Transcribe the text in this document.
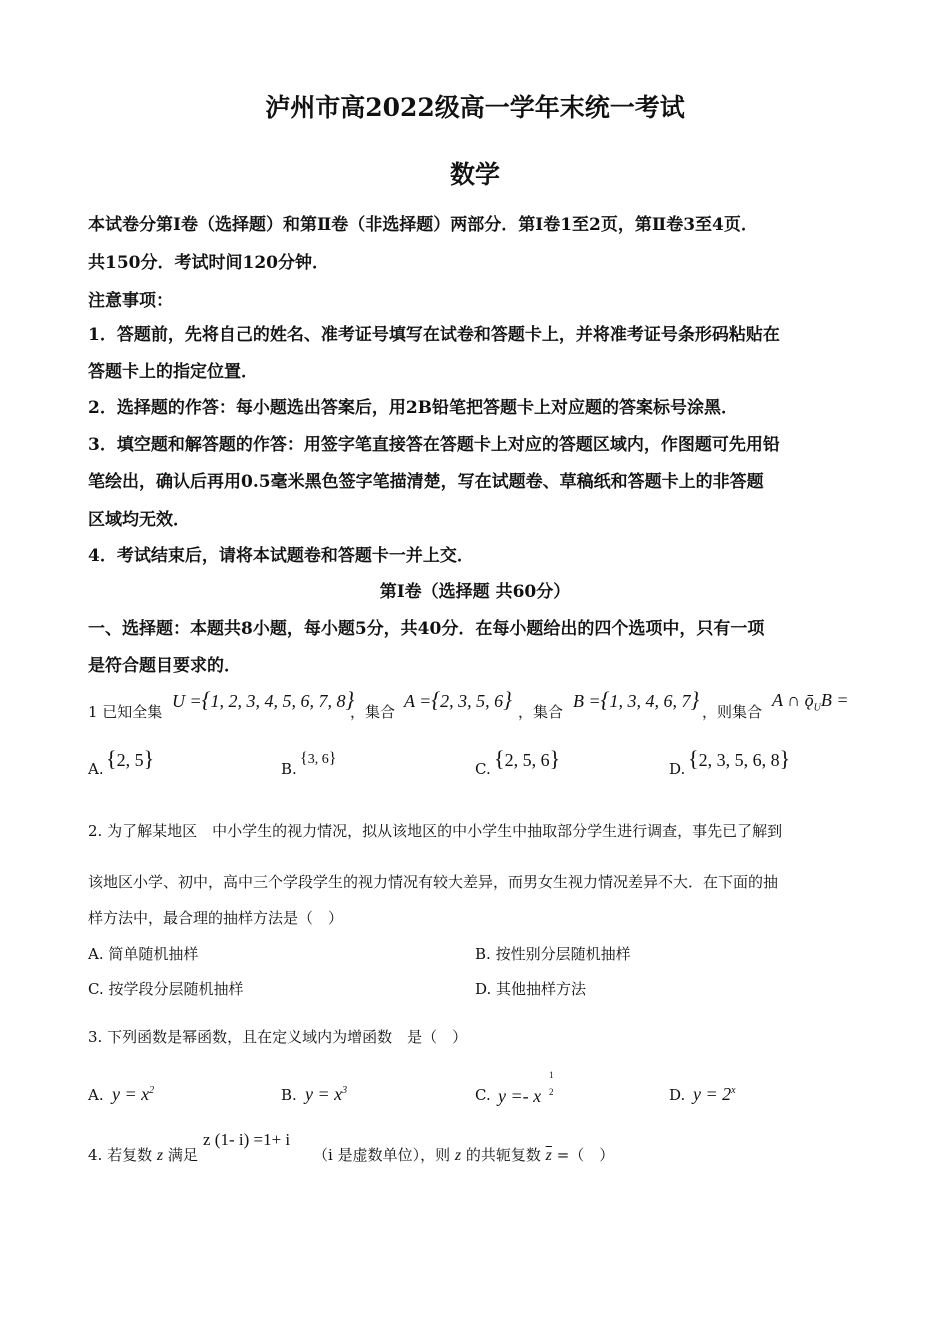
泸州市高2022级高一学年末统一考试
数学
本试卷分第Ⅰ卷（选择题）和第Ⅱ卷（非选择题）两部分．第Ⅰ卷1至2页，第Ⅱ卷3至4页．
共150分．考试时间120分钟．
注意事项：
1．答题前，先将自己的姓名、准考证号填写在试卷和答题卡上，并将准考证号条形码粘贴在
答题卡上的指定位置．
2．选择题的作答：每小题选出答案后，用2B铅笔把答题卡上对应题的答案标号涂黑．
3．填空题和解答题的作答：用签字笔直接答在答题卡上对应的答题区域内，作图题可先用铅
笔绘出，确认后再用0.5毫米黑色签字笔描清楚，写在试题卷、草稿纸和答题卡上的非答题
区域均无效．
4．考试结束后，请将本试题卷和答题卡一并上交．
第Ⅰ卷（选择题 共60分）
一、选择题：本题共8小题，每小题5分，共40分．在每小题给出的四个选项中，只有一项
是符合题目要求的．
1 已知全集
U ={1, 2, 3, 4, 5, 6, 7, 8}
，集合
A ={2, 3, 5, 6} ，集合
B ={1, 3, 4, 6, 7} ，则集合
A ∩ $ǭ_UB$ =
A. {2, 5}	B.
{3, 6}
C. {2, 5, 6}	D. {2, 3, 5, 6, 8}
2. 为了解某地区　中小学生的视力情况，拟从该地区的中小学生中抽取部分学生进行调查，事先已了解到
该地区小学、初中，高中三个学段学生的视力情况有较大差异，而男女生视力情况差异不大．在下面的抽
样方法中，最合理的抽样方法是（　）
A. 简单随机抽样	B. 按性别分层随机抽样
C. 按学段分层随机抽样	D. 其他抽样方法
3. 下列函数是幂函数，且在定义域内为增函数　是（　）
A. $y = x^2$	B. $y = x^3$	C. y =- x
1
2	D. $y = 2^x$
4. 若复数 z 满足
z (1- i) =1+ i
（i 是虚数单位），则 z 的共轭复数 $\overline{z}$ =（　）
